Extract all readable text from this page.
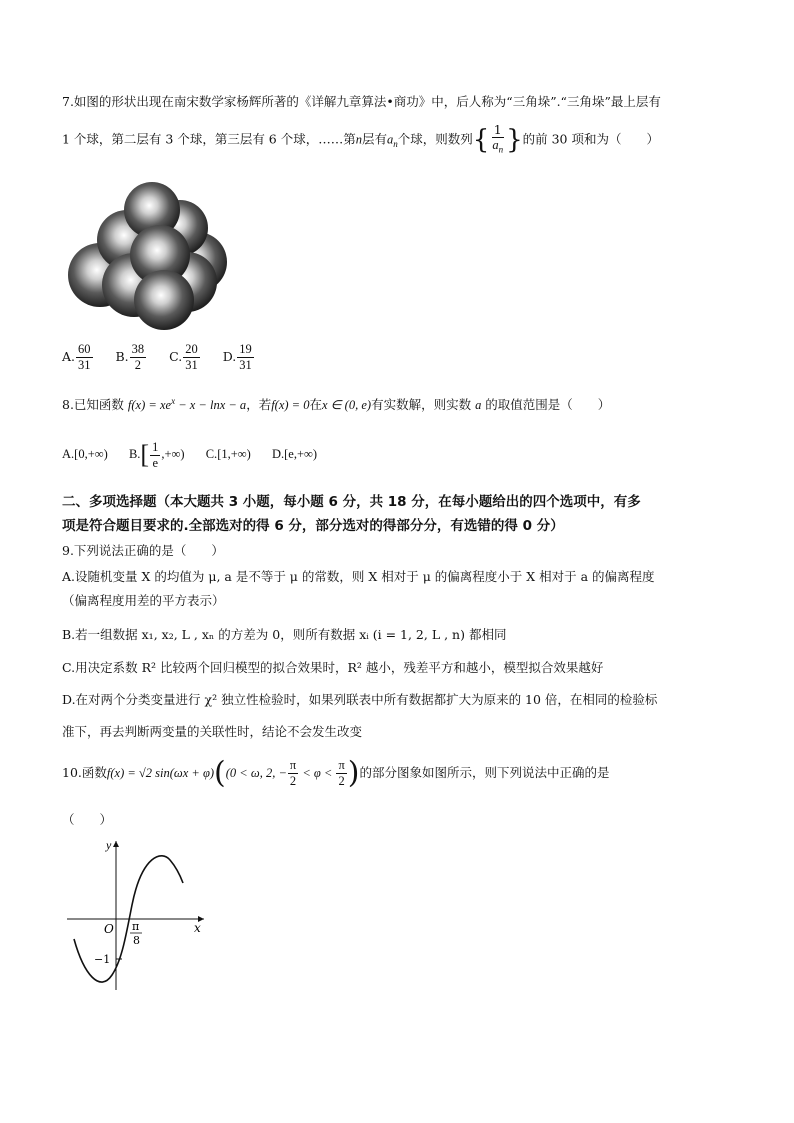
7.如图的形状出现在南宋数学家杨辉所著的《详解九章算法•商功》中，后人称为“三角垛”.“三角垛”最上层有
1 个球，第二层有 3 个球，第三层有 6 个球，……第n层有$a_n$个球，则数列{ $\frac{1}{a_n}$ }的前 30 项和为（　　）
A. $\frac{60}{31} B$. $\frac{38}{2} C$. $\frac{20}{31} D$. $\frac{19}{31}$
8.已知函数 $f(x) = xe^x - x - \ln x - a$，若f(x) = 0在x ∈ (0, e)有实数解，则实数 a 的取值范围是（　　）
A.[0,+∞) $B.[ \frac{1}{e}$ ,+∞) C.[1,+∞) D.[e,+∞)
二、多项选择题（本大题共 3 小题，每小题 6 分，共 18 分，在每小题给出的四个选项中，有多
项是符合题目要求的.全部选对的得 6 分，部分选对的得部分分，有选错的得 0 分）
9.下列说法正确的是（　　）
A.设随机变量 X 的均值为 μ, a 是不等于 μ 的常数，则 X 相对于 μ 的偏离程度小于 X 相对于 a 的偏离程度
（偏离程度用差的平方表示）
B.若一组数据 x₁, x₂, L , xₙ 的方差为 0，则所有数据 xᵢ (i = 1, 2, L , n) 都相同
C.用决定系数 R² 比较两个回归模型的拟合效果时，R² 越小，残差平方和越小，模型拟合效果越好
D.在对两个分类变量进行 χ² 独立性检验时，如果列联表中所有数据都扩大为原来的 10 倍，在相同的检验标
准下，再去判断两变量的关联性时，结论不会发生改变
10.函数f(x) = √2 sin(ωx + φ)((0 < ω, 2, − $\frac{\pi}{2} < \varphi < \frac{\pi}{2}$ )的部分图象如图所示，则下列说法中正确的是
（　　）
y
x
O π
8
−1
